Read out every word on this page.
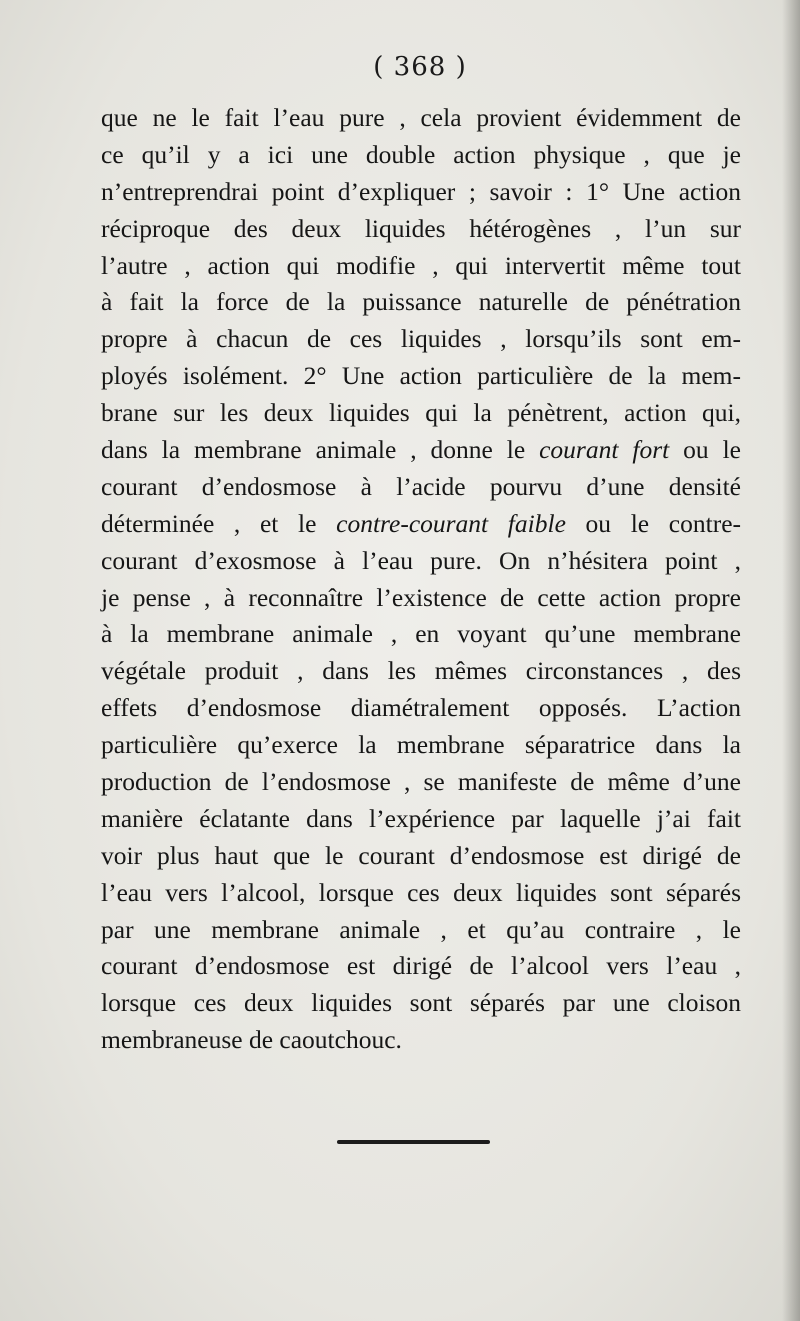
( 368 )
que ne le fait l’eau pure , cela provient évidemment de
ce qu’il y a ici une double action physique , que je
n’entreprendrai point d’expliquer ; savoir : 1° Une action
réciproque des deux liquides hétérogènes , l’un sur
l’autre , action qui modifie , qui intervertit même tout
à fait la force de la puissance naturelle de pénétration
propre à chacun de ces liquides , lorsqu’ils sont em-
ployés isolément. 2° Une action particulière de la mem-
brane sur les deux liquides qui la pénètrent, action qui,
dans la membrane animale , donne le courant fort ou le
courant d’endosmose à l’acide pourvu d’une densité
déterminée , et le contre-courant faible ou le contre-
courant d’exosmose à l’eau pure. On n’hésitera point ,
je pense , à reconnaître l’existence de cette action propre
à la membrane animale , en voyant qu’une membrane
végétale produit , dans les mêmes circonstances , des
effets d’endosmose diamétralement opposés. L’action
particulière qu’exerce la membrane séparatrice dans la
production de l’endosmose , se manifeste de même d’une
manière éclatante dans l’expérience par laquelle j’ai fait
voir plus haut que le courant d’endosmose est dirigé de
l’eau vers l’alcool, lorsque ces deux liquides sont séparés
par une membrane animale , et qu’au contraire , le
courant d’endosmose est dirigé de l’alcool vers l’eau ,
lorsque ces deux liquides sont séparés par une cloison
membraneuse de caoutchouc.
